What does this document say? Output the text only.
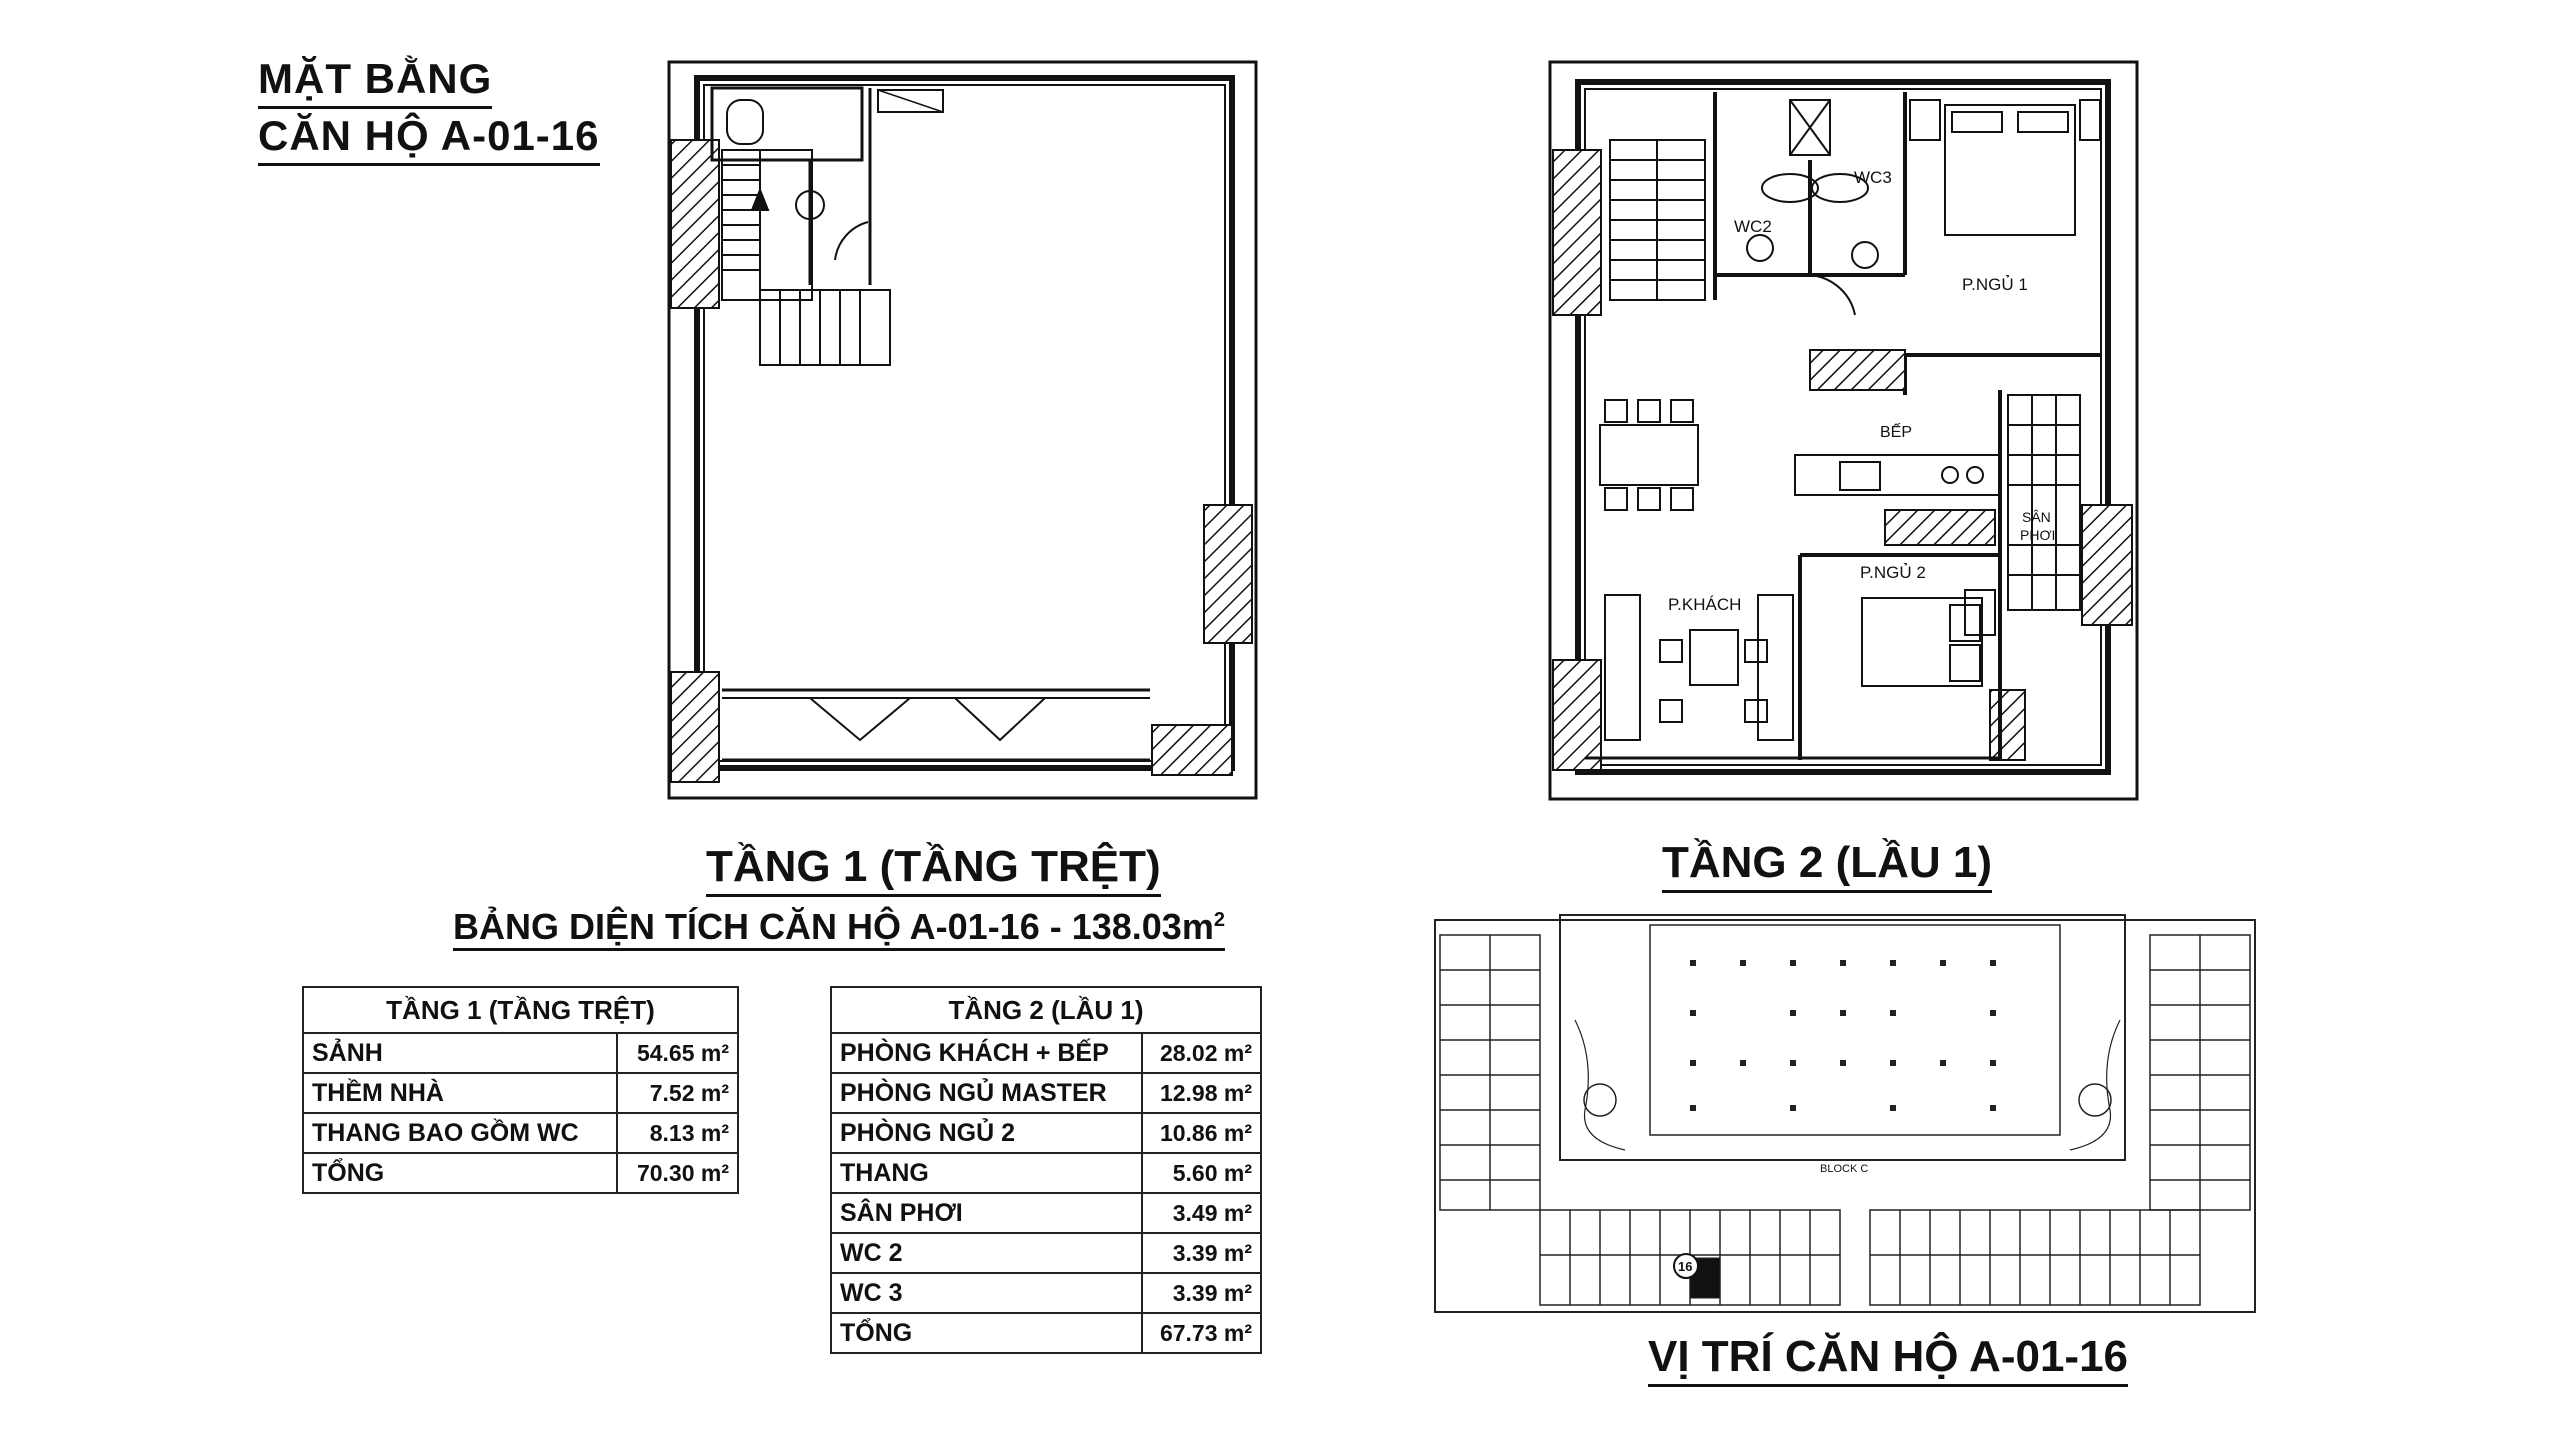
MẶT BẰNG
CĂN HỘ A-01-16
WC2
WC3
P.NGỦ 1
BẾP
SÂN
PHƠI
P.KHÁCH
P.NGỦ 2
16
BLOCK C
TẦNG 1 (TẦNG TRỆT)	TẦNG 2 (LẦU 1)
VỊ TRÍ CĂN HỘ A-01-16
BẢNG DIỆN TÍCH CĂN HỘ $A-01-16 - 138.03m^2$
TẦNG 1 (TẦNG TRỆT)	
SẢNH	54.65 m²
THỀM NHÀ	7.52 m²
THANG BAO GỒM WC	8.13 m²
TỔNG	70.30 m²
TẦNG 2 (LẦU 1)	
PHÒNG KHÁCH + BẾP	28.02 m²
PHÒNG NGỦ MASTER	12.98 m²
PHÒNG NGỦ 2	10.86 m²
THANG	5.60 m²
SÂN PHƠI	3.49 m²
WC 2	3.39 m²
WC 3	3.39 m²
TỔNG	67.73 m²
